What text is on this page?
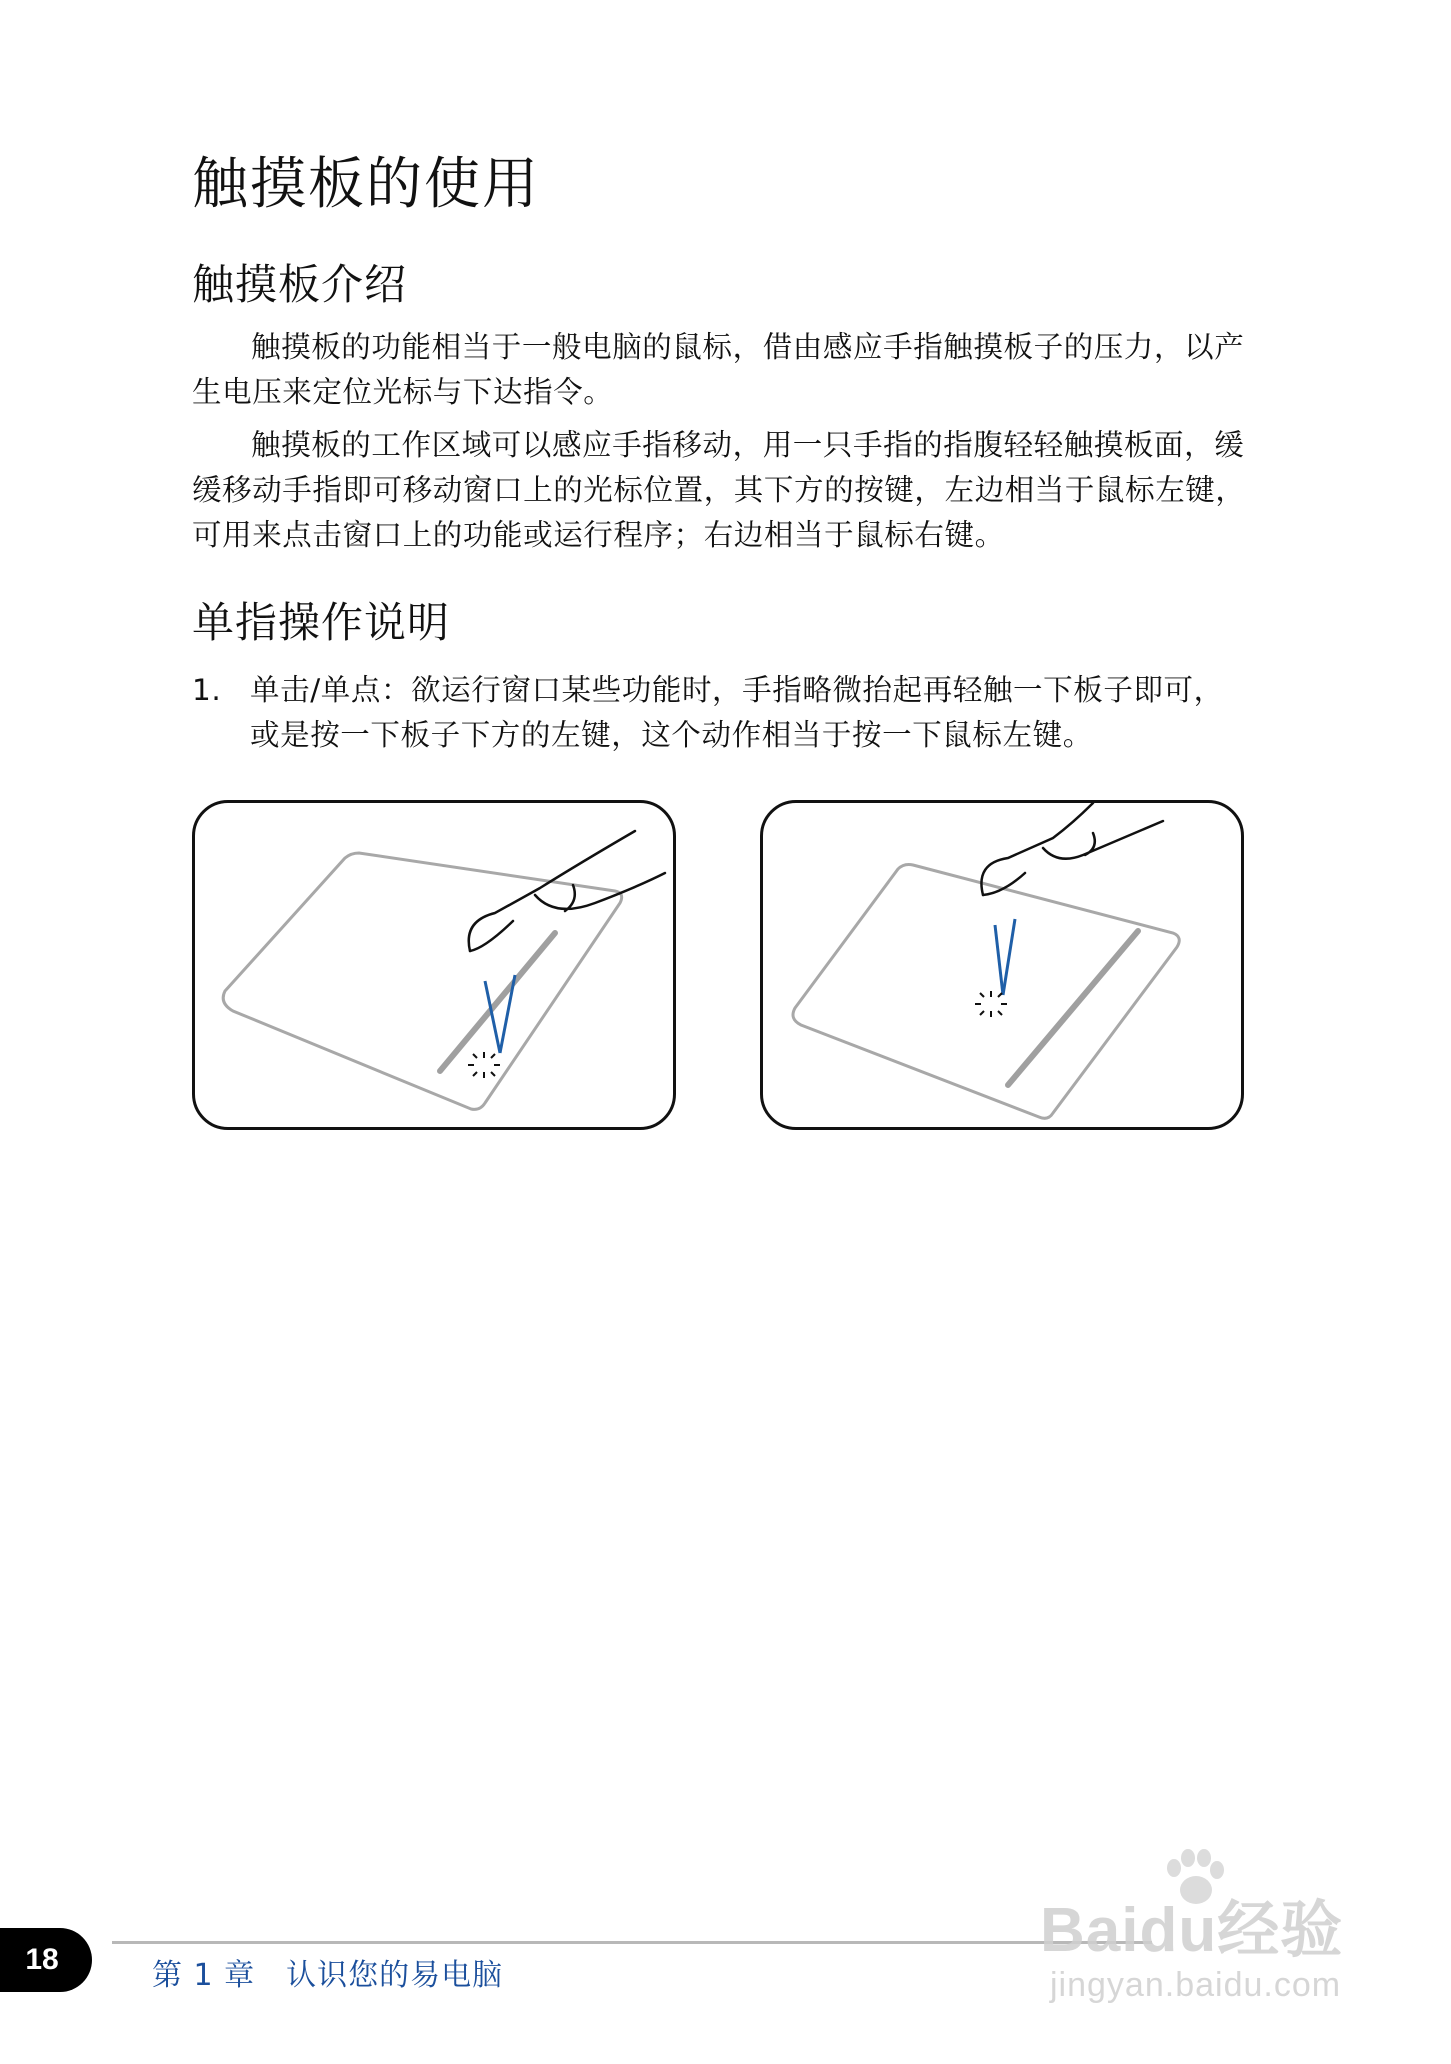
触摸板的使用
触摸板介绍

触摸板的功能相当于一般电脑的鼠标，借由感应手指触摸板子的压力，以产生电压来定位光标与下达指令。

触摸板的工作区域可以感应手指移动，用一只手指的指腹轻轻触摸板面，缓缓移动手指即可移动窗口上的光标位置，其下方的按键，左边相当于鼠标左键，可用来点击窗口上的功能或运行程序；右边相当于鼠标右键。

单指操作说明
1. 单击/单点：欲运行窗口某些功能时，手指略微抬起再轻触一下板子即可，或是按一下板子下方的左键，这个动作相当于按一下鼠标左键。
18	第 1 章　认识您的易电脑
Baidu经验
jingyan.baidu.com
